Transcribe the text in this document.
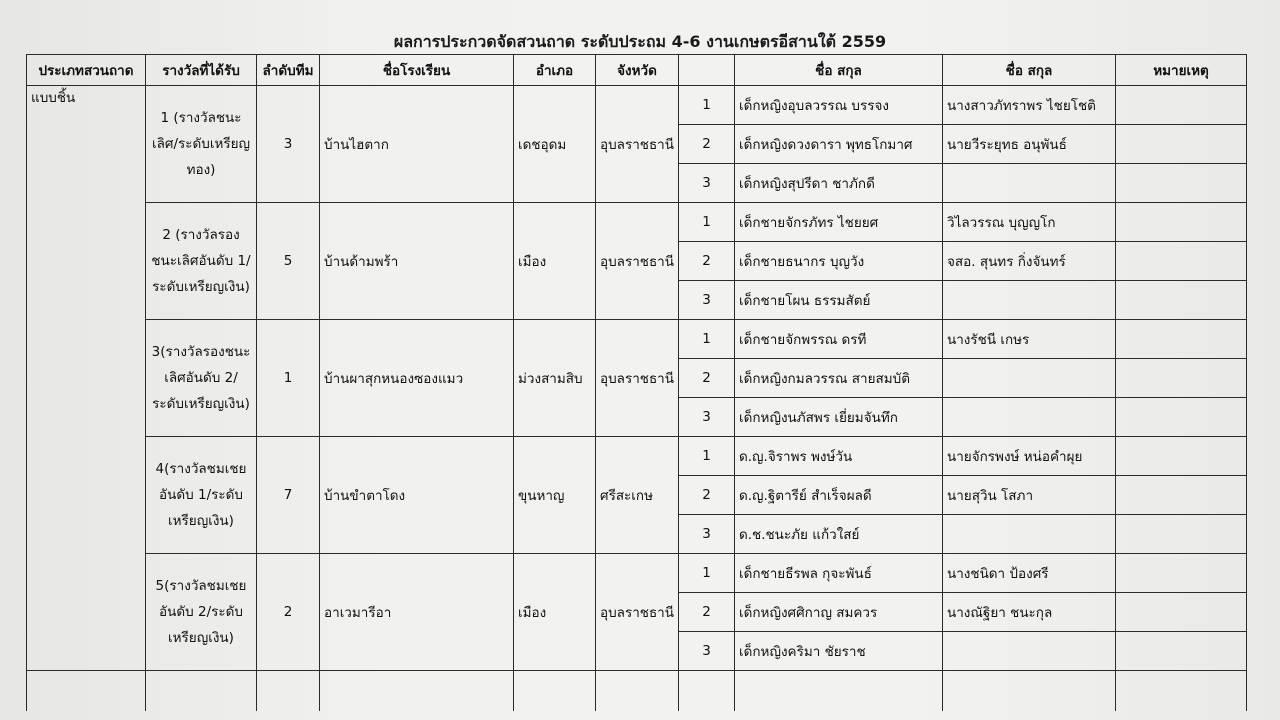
ผลการประกวดจัดสวนถาด ระดับประถม 4-6 งานเกษตรอีสานใต้ 2559
ประเภทสวนถาด	รางวัลที่ได้รับ	ลำดับทีม	ชื่อโรงเรียน	อำเภอ	จังหวัด		ชื่อ สกุล	ชื่อ สกุล	หมายเหตุ
แบบชิ้น	1 (รางวัลชนะเลิศ/ระดับเหรียญทอง)	3	บ้านไฮตาก	เดชอุดม	อุบลราชธานี	1	เด็กหญิงอุบลวรรณ บรรจง	นางสาวภัทราพร ไชยโชติ	
						2	เด็กหญิงดวงดารา พุทธโกมาศ	นายวีระยุทธ อนุพันธ์	
						3	เด็กหญิงสุปรีดา ชาภักดี		
	2 (รางวัลรองชนะเลิศอันดับ 1/ระดับเหรียญเงิน)	5	บ้านด้ามพร้า	เมือง	อุบลราชธานี	1	เด็กชายจักรภัทร ไชยยศ	วิไลวรรณ บุญญโก	
						2	เด็กชายธนากร บุญวัง	จสอ. สุนทร กิ่งจันทร์	
						3	เด็กชายโผน ธรรมสัตย์		
	3(รางวัลรองชนะเลิศอันดับ 2/ระดับเหรียญเงิน)	1	บ้านผาสุกหนองซองแมว	ม่วงสามสิบ	อุบลราชธานี	1	เด็กชายจักพรรณ ดรที	นางรัชนี เกษร	
						2	เด็กหญิงกมลวรรณ สายสมบัติ		
						3	เด็กหญิงนภัสพร เยี่ยมจันทึก		
	4(รางวัลชมเชยอันดับ 1/ระดับเหรียญเงิน)	7	บ้านขำตาโดง	ขุนหาญ	ศรีสะเกษ	1	ด.ญ.จิราพร พงษ์วัน	นายจักรพงษ์ หน่อคำผุย	
						2	ด.ญ.ฐิตารีย์ สำเร็จผลดี	นายสุวิน โสภา	
						3	ด.ช.ชนะภัย แก้วใสย์		
	5(รางวัลชมเชยอันดับ 2/ระดับเหรียญเงิน)	2	อาเวมารีอา	เมือง	อุบลราชธานี	1	เด็กชายธีรพล กุจะพันธ์	นางชนิดา ป้องศรี	
						2	เด็กหญิงศศิกาญ สมควร	นางณัฐิยา ชนะกุล	
						3	เด็กหญิงคริมา ชัยราช		
